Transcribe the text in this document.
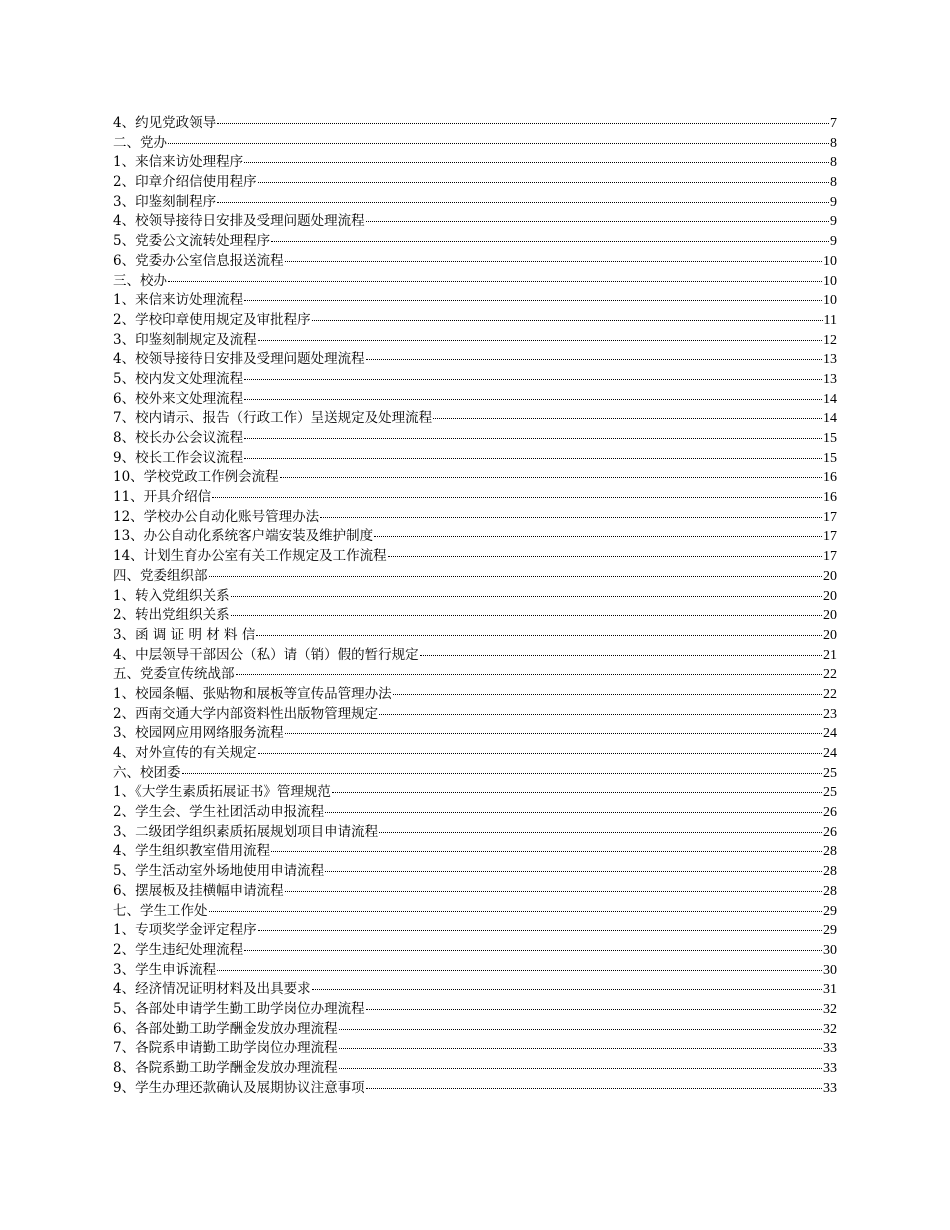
4、约见党政领导	7
二、党办	8
1、来信来访处理程序	8
2、印章介绍信使用程序	8
3、印鉴刻制程序	9
4、校领导接待日安排及受理问题处理流程	9
5、党委公文流转处理程序	9
6、党委办公室信息报送流程	10
三、校办	10
1、来信来访处理流程	10
2、学校印章使用规定及审批程序	11
3、印鉴刻制规定及流程	12
4、校领导接待日安排及受理问题处理流程	13
5、校内发文处理流程	13
6、校外来文处理流程	14
7、校内请示、报告（行政工作）呈送规定及处理流程	14
8、校长办公会议流程	15
9、校长工作会议流程	15
10、学校党政工作例会流程	16
11、开具介绍信	16
12、学校办公自动化账号管理办法	17
13、办公自动化系统客户端安装及维护制度	17
14、计划生育办公室有关工作规定及工作流程	17
四、党委组织部	20
1、转入党组织关系	20
2、转出党组织关系	20
3、函 调 证 明 材 料 信	20
4、中层领导干部因公（私）请（销）假的暂行规定	21
五、党委宣传统战部	22
1、校园条幅、张贴物和展板等宣传品管理办法	22
2、西南交通大学内部资料性出版物管理规定	23
3、校园网应用网络服务流程	24
4、对外宣传的有关规定	24
六、校团委	25
1、《大学生素质拓展证书》管理规范	25
2、学生会、学生社团活动申报流程	26
3、二级团学组织素质拓展规划项目申请流程	26
4、学生组织教室借用流程	28
5、学生活动室外场地使用申请流程	28
6、摆展板及挂横幅申请流程	28
七、学生工作处	29
1、专项奖学金评定程序	29
2、学生违纪处理流程	30
3、学生申诉流程	30
4、经济情况证明材料及出具要求	31
5、各部处申请学生勤工助学岗位办理流程	32
6、各部处勤工助学酬金发放办理流程	32
7、各院系申请勤工助学岗位办理流程	33
8、各院系勤工助学酬金发放办理流程	33
9、学生办理还款确认及展期协议注意事项	33
